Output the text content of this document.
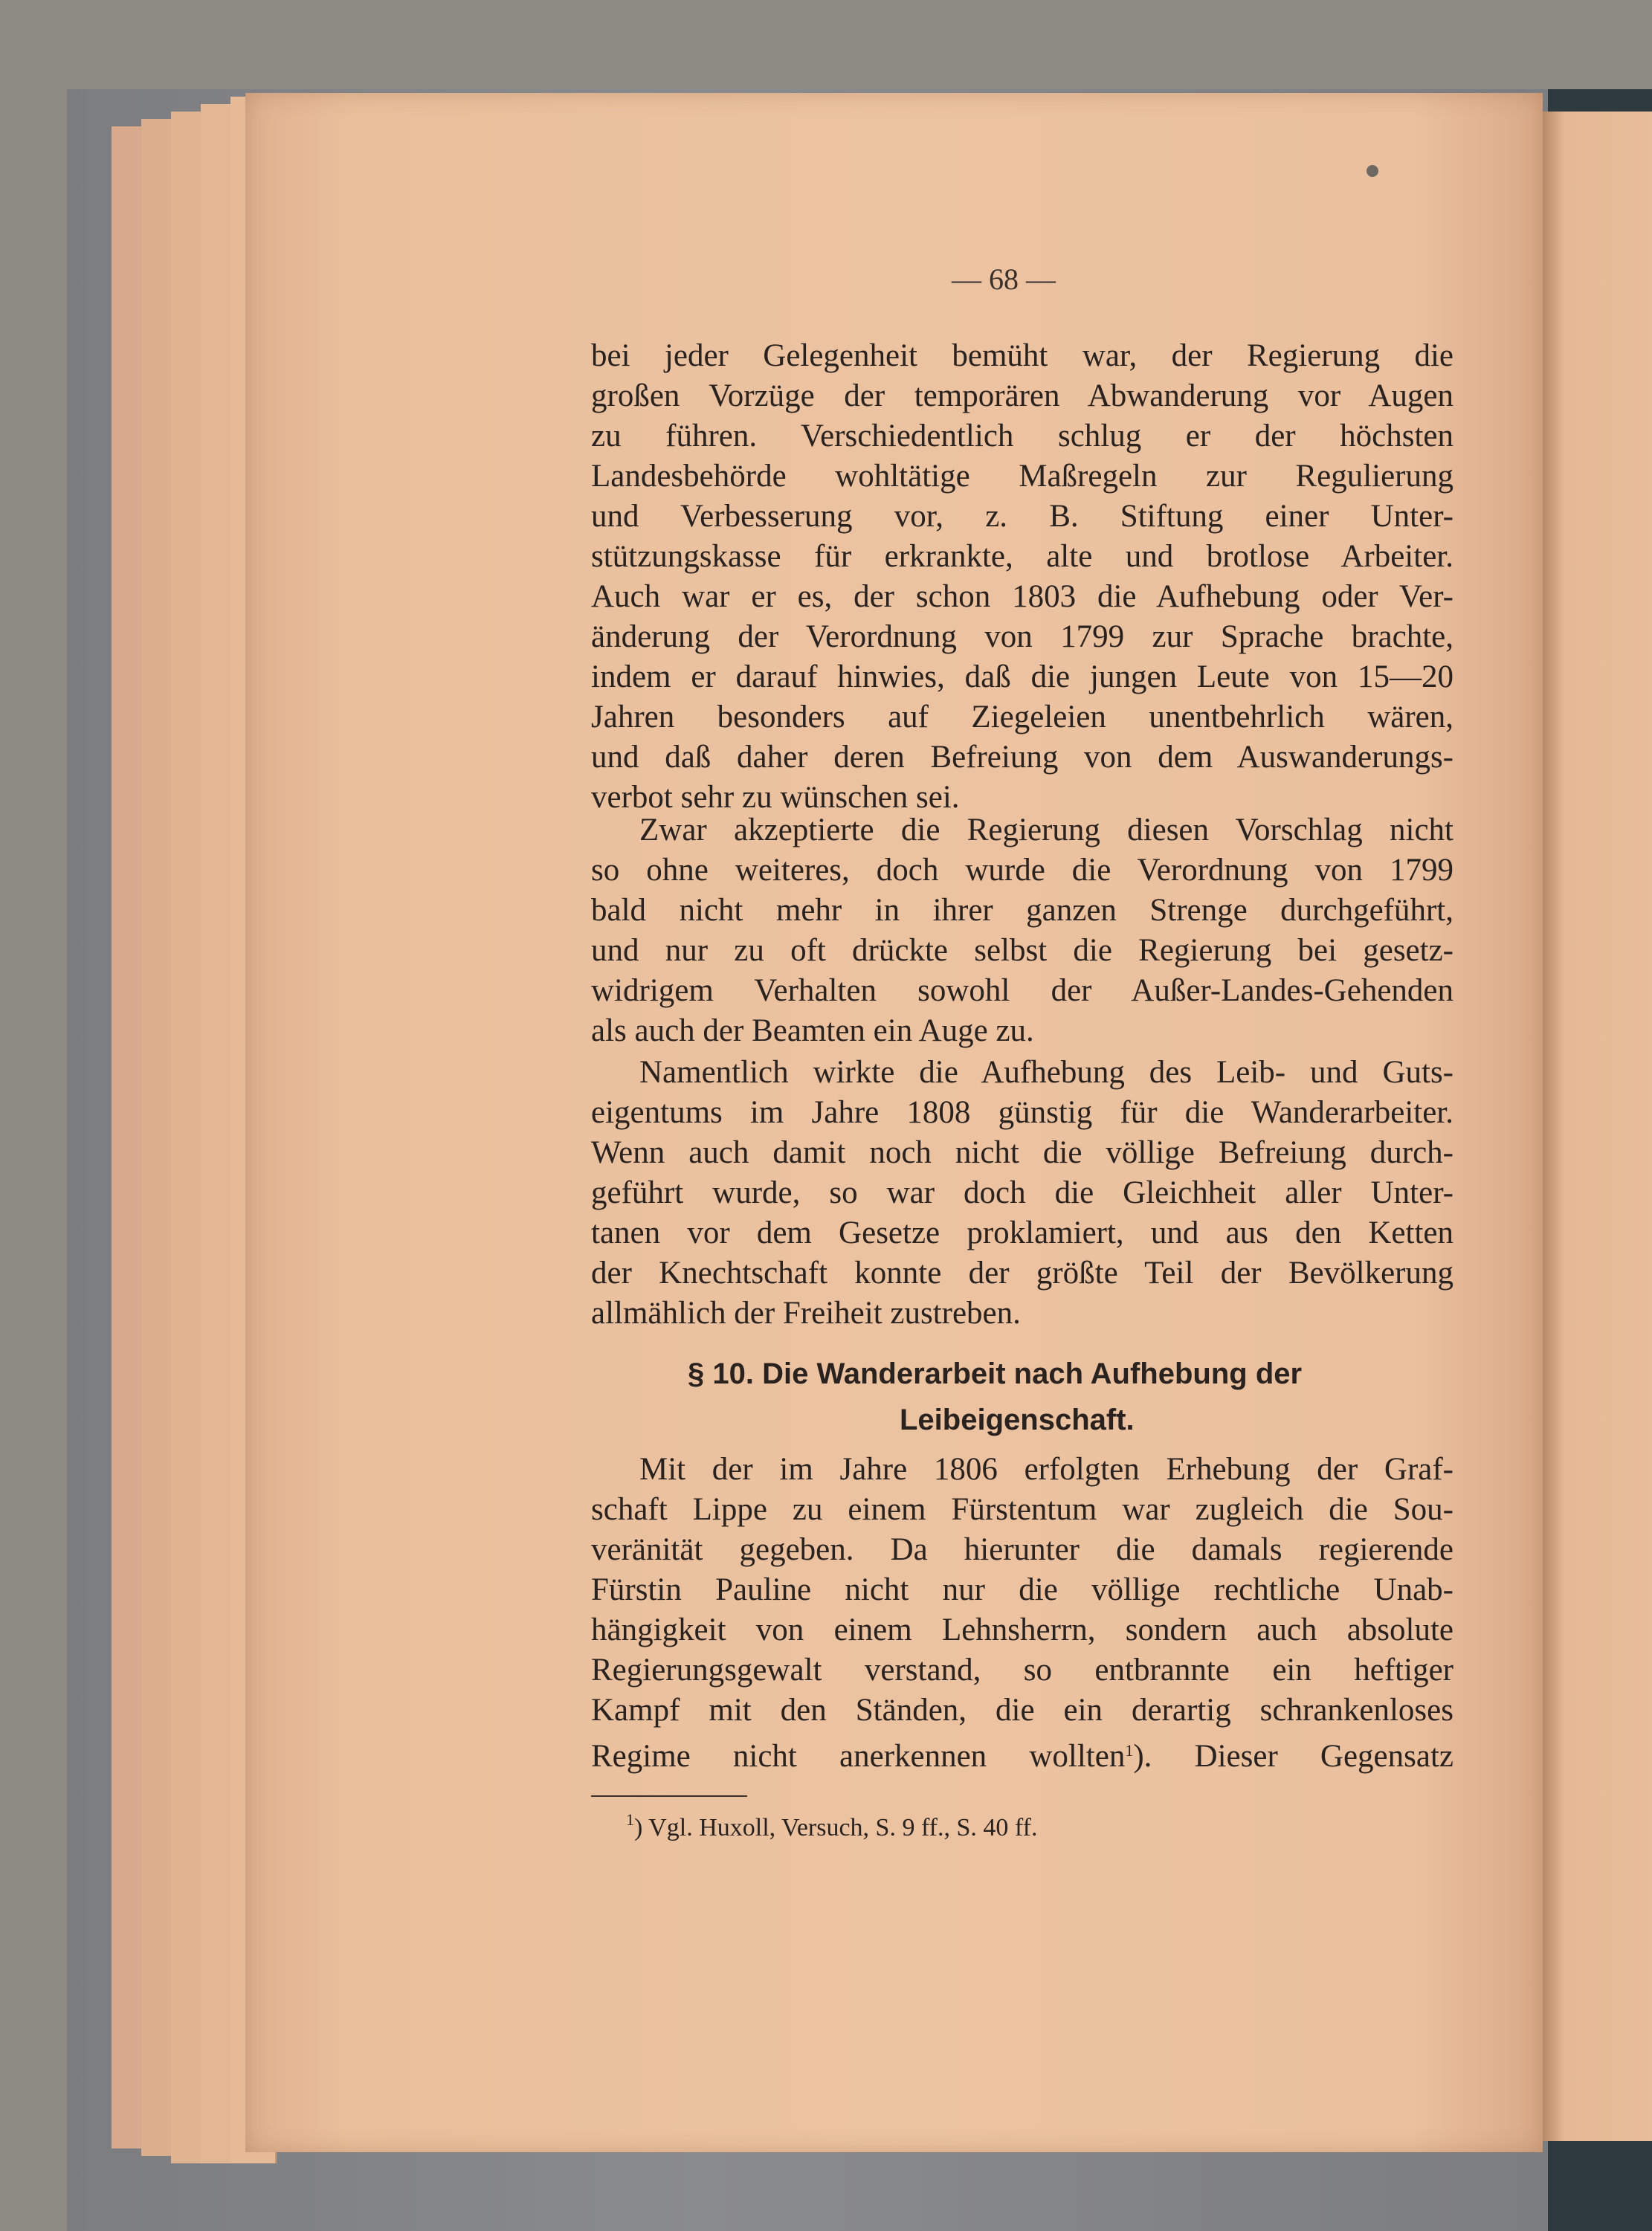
— 68 —
bei jeder Gelegenheit bemüht war, der Regierung die
großen Vorzüge der temporären Abwanderung vor Augen
zu führen. Verschiedentlich schlug er der höchsten
Landesbehörde wohltätige Maßregeln zur Regulierung
und Verbesserung vor, z. B. Stiftung einer Unter-
stützungskasse für erkrankte, alte und brotlose Arbeiter.
Auch war er es, der schon 1803 die Aufhebung oder Ver-
änderung der Verordnung von 1799 zur Sprache brachte,
indem er darauf hinwies, daß die jungen Leute von 15—20
Jahren besonders auf Ziegeleien unentbehrlich wären,
und daß daher deren Befreiung von dem Auswanderungs-
verbot sehr zu wünschen sei.
Zwar akzeptierte die Regierung diesen Vorschlag nicht
so ohne weiteres, doch wurde die Verordnung von 1799
bald nicht mehr in ihrer ganzen Strenge durchgeführt,
und nur zu oft drückte selbst die Regierung bei gesetz-
widrigem Verhalten sowohl der Außer-Landes-Gehenden
als auch der Beamten ein Auge zu.
Namentlich wirkte die Aufhebung des Leib- und Guts-
eigentums im Jahre 1808 günstig für die Wanderarbeiter.
Wenn auch damit noch nicht die völlige Befreiung durch-
geführt wurde, so war doch die Gleichheit aller Unter-
tanen vor dem Gesetze proklamiert, und aus den Ketten
der Knechtschaft konnte der größte Teil der Bevölkerung
allmählich der Freiheit zustreben.
§ 10. Die Wanderarbeit nach Aufhebung der
Leibeigenschaft.
Mit der im Jahre 1806 erfolgten Erhebung der Graf-
schaft Lippe zu einem Fürstentum war zugleich die Sou-
veränität gegeben. Da hierunter die damals regierende
Fürstin Pauline nicht nur die völlige rechtliche Unab-
hängigkeit von einem Lehnsherrn, sondern auch absolute
Regierungsgewalt verstand, so entbrannte ein heftiger
Kampf mit den Ständen, die ein derartig schrankenloses
Regime nicht anerkennen wollten$^1$). Dieser Gegensatz
$^1$) Vgl. Huxoll, Versuch, S. 9 ff., S. 40 ff.
